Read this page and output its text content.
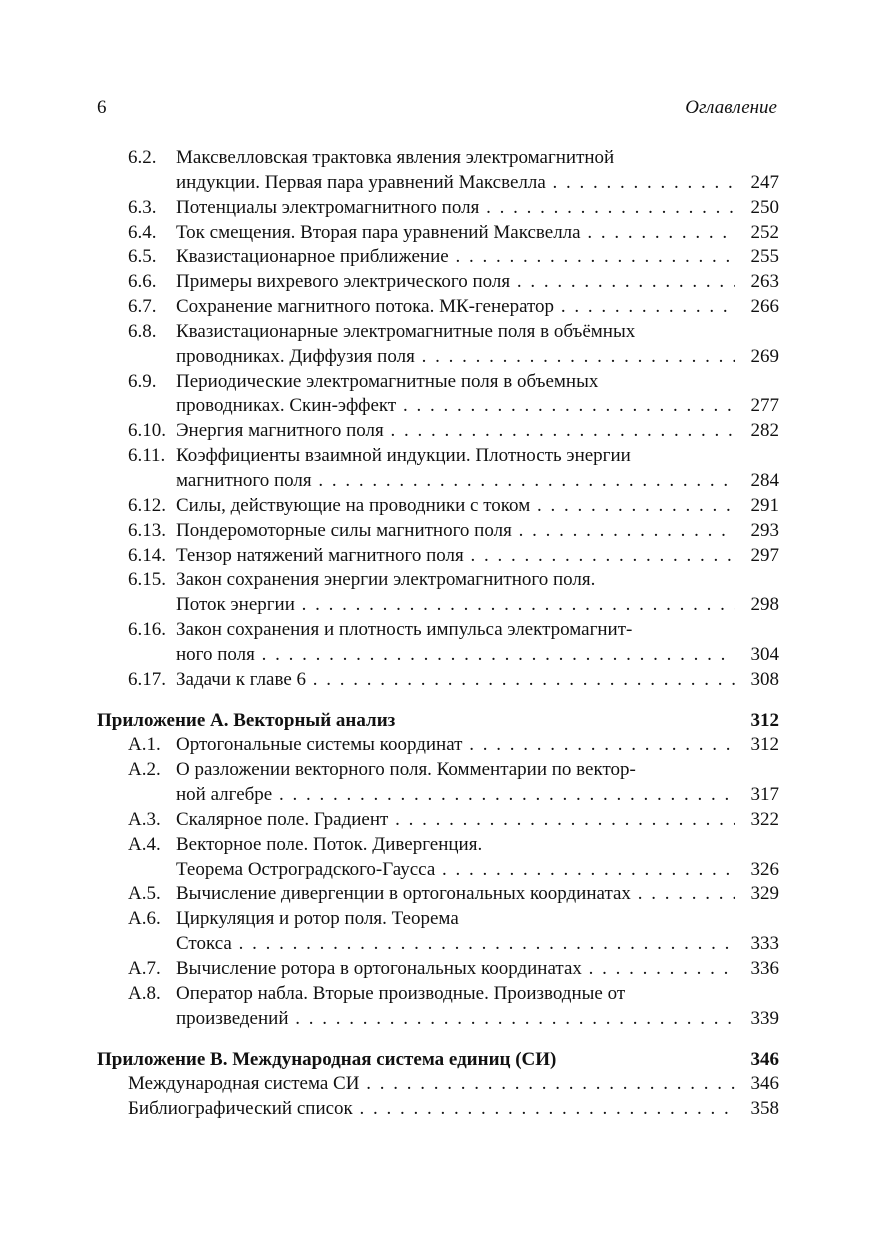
6	Оглавление
6.2. Максвелловская трактовка явления электромагнитной
индукции. Первая пара уравнений Максвелла . . .	247
6.3. Потенциалы электромагнитного поля . . .	250
6.4. Ток смещения. Вторая пара уравнений Максвелла . . .	252
6.5. Квазистационарное приближение . . .	255
6.6. Примеры вихревого электрического поля . . .	263
6.7. Сохранение магнитного потока. МК-генератор . . .	266
6.8. Квазистационарные электромагнитные поля в объёмных
проводниках. Диффузия поля . . .	269
6.9. Периодические электромагнитные поля в объемных
проводниках. Скин-эффект . . .	277
6.10. Энергия магнитного поля . . .	282
6.11. Коэффициенты взаимной индукции. Плотность энергии
магнитного поля . . .	284
6.12. Силы, действующие на проводники с током . . .	291
6.13. Пондеромоторные силы магнитного поля . . .	293
6.14. Тензор натяжений магнитного поля . . .	297
6.15. Закон сохранения энергии электромагнитного поля.
Поток энергии . . .	298
6.16. Закон сохранения и плотность импульса электромагнит-
ного поля . . .	304
6.17. Задачи к главе 6 . . .	308
Приложение A. Векторный анализ	312
A.1. Ортогональные системы координат . . .	312
A.2. О разложении векторного поля. Комментарии по вектор-
ной алгебре . . .	317
A.3. Скалярное поле. Градиент . . .	322
A.4. Векторное поле. Поток. Дивергенция.
Теорема Остроградского-Гаусса . . .	326
A.5. Вычисление дивергенции в ортогональных координатах . . .	329
A.6. Циркуляция и ротор поля. Теорема
Стокса . . .	333
A.7. Вычисление ротора в ортогональных координатах . . .	336
A.8. Оператор набла. Вторые производные. Производные от
произведений . . .	339
Приложение B. Международная система единиц (СИ)	346
Международная система СИ . . .	346
Библиографический список . . .	358
